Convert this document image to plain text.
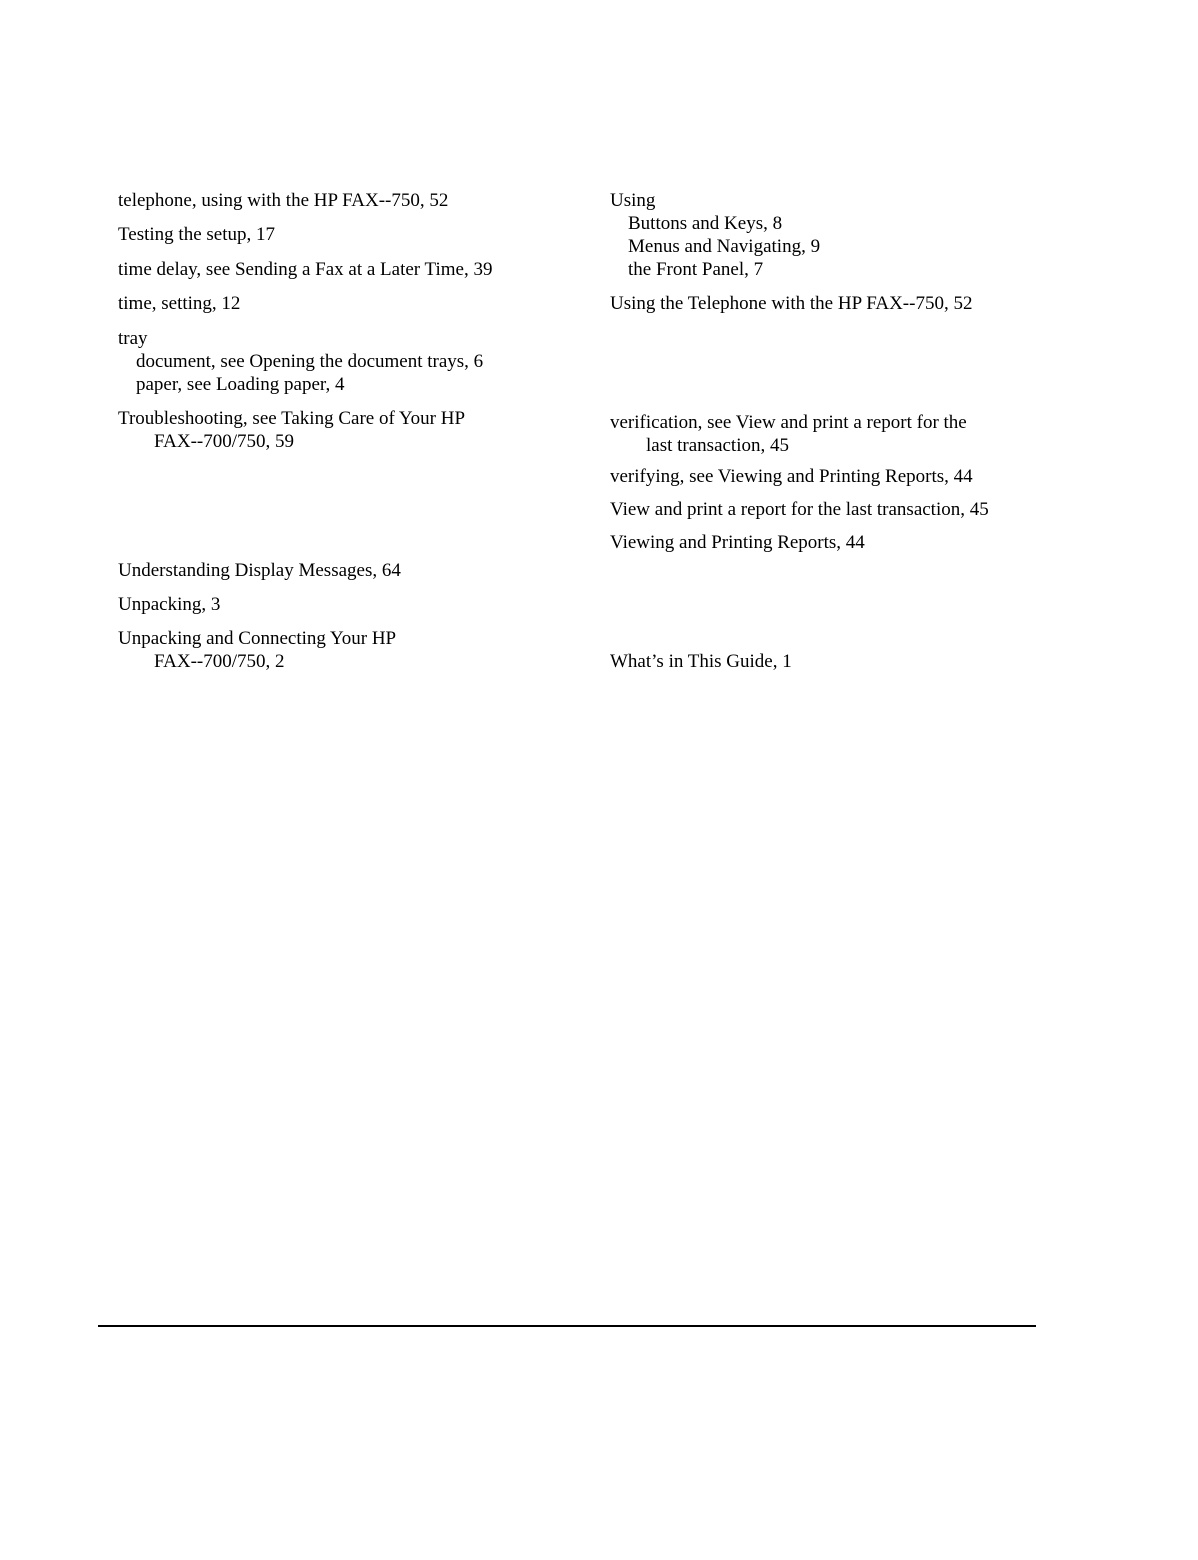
telephone, using with the HP FAX--750, 52
Testing the setup, 17
time delay, see Sending a Fax at a Later Time, 39
time, setting, 12
tray
document, see Opening the document trays, 6
paper, see Loading paper, 4
Troubleshooting, see Taking Care of Your HP
FAX--700/750, 59
Understanding Display Messages, 64
Unpacking, 3
Unpacking and Connecting Your HP
FAX--700/750, 2
Using
Buttons and Keys, 8
Menus and Navigating, 9
the Front Panel, 7
Using the Telephone with the HP FAX--750, 52
verification, see View and print a report for the
last transaction, 45
verifying, see Viewing and Printing Reports, 44
View and print a report for the last transaction, 45
Viewing and Printing Reports, 44
What’s in This Guide, 1
